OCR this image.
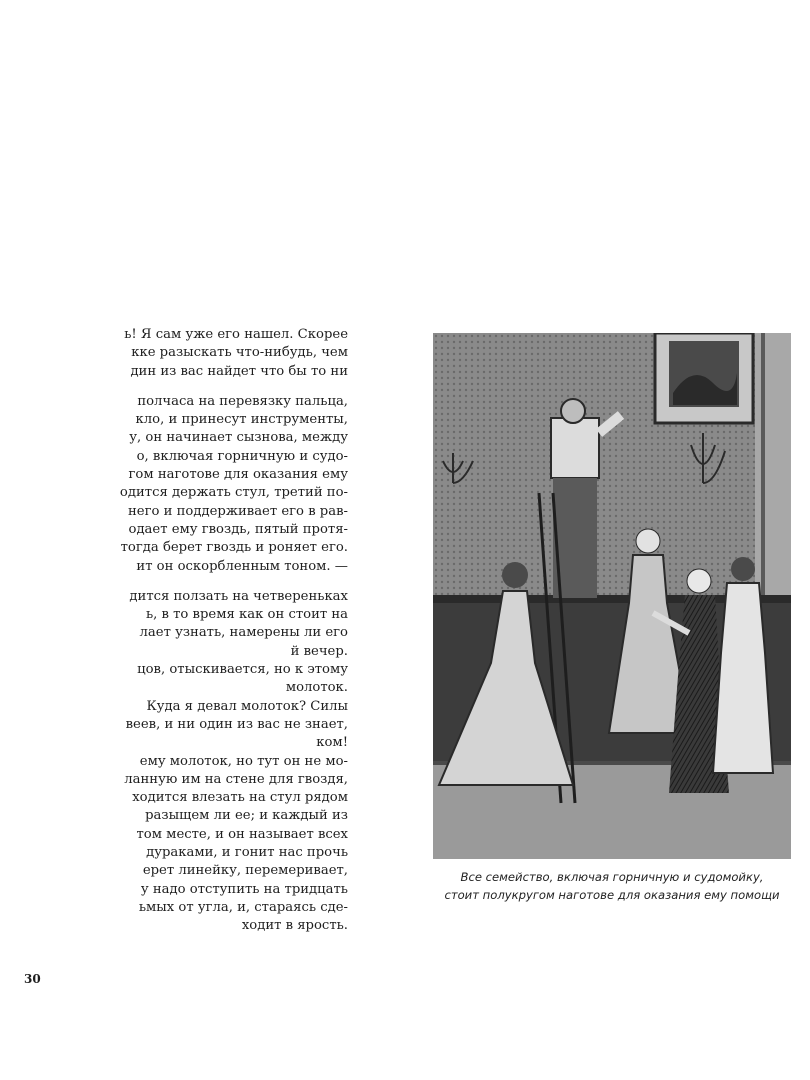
ь! Я сам уже его нашел. Скорее
кке разыскать что-нибудь, чем
дин из вас найдет что бы то ни
полчаса на перевязку пальца,
кло, и принесут инструменты,
у, он начинает сызнова, между
о, включая горничную и судо-
гом наготове для оказания ему
одится держать стул, третий по-
него и поддерживает его в рав-
одает ему гвоздь, пятый протя-
тогда берет гвоздь и роняет его.
ит он оскорбленным тоном. —
дится ползать на четвереньках
ь, в то время как он стоит на
лает узнать, намерены ли его
й вечер.
цов, отыскивается, но к этому
молоток.
Куда я девал молоток? Силы
веев, и ни один из вас не знает,
ком!
ему молоток, но тут он не мо-
ланную им на стене для гвоздя,
ходится влезать на стул рядом
разыщем ли ее; и каждый из
том месте, и он называет всех
дураками, и гонит нас прочь
ерет линейку, перемеривает,
у надо отступить на тридцать
ьмых от угла, и, стараясь сде-
ходит в ярость.
30
Все семейство, включая горничную и судомойку,
стоит полукругом наготове для оказания ему помощи
